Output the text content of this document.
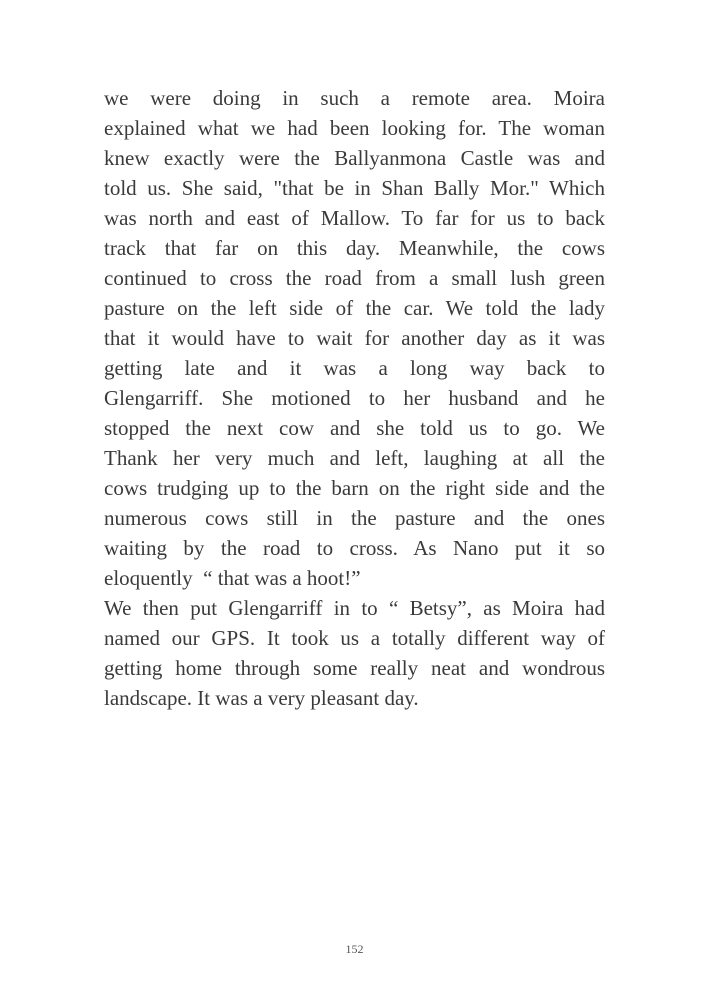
we were doing in such a remote area. Moira
explained what we had been looking for. The woman
knew exactly were the Ballyanmona Castle was and
told us. She said, "that be in Shan Bally Mor." Which
was north and east of Mallow. To far for us to back
track that far on this day. Meanwhile, the cows
continued to cross the road from a small lush green
pasture on the left side of the car. We told the lady
that it would have to wait for another day as it was
getting late and it was a long way back to
Glengarriff. She motioned to her husband and he
stopped the next cow and she told us to go. We
Thank her very much and left, laughing at all the
cows trudging up to the barn on the right side and the
numerous cows still in the pasture and the ones
waiting by the road to cross. As Nano put it so
eloquently  “ that was a hoot!”
We then put Glengarriff in to “ Betsy”, as Moira had
named our GPS. It took us a totally different way of
getting home through some really neat and wondrous
landscape. It was a very pleasant day.
152
